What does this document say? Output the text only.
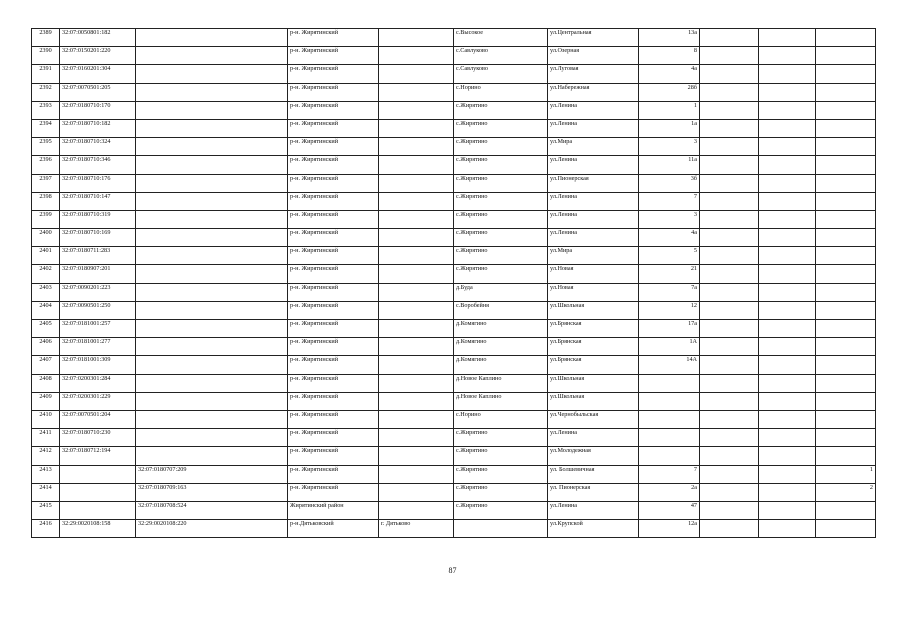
2389	32:07:0050801:182		р-н. Жирятинский		с.Высокое	ул.Центральная	13а			
2390	32:07:0150201:220		р-н. Жирятинский		с.Савлуково	ул.Озерная	8			
2391	32:07:0160201:304		р-н. Жирятинский		с.Савлуково	ул.Луговая	4а			
2392	32:07:0070501:205		р-н. Жирятинский		с.Норино	ул.Набережная	28б			
2393	32:07:0180710:170		р-н. Жирятинский		с.Жирятино	ул.Ленина	1			
2394	32:07:0180710:182		р-н. Жирятинский		с.Жирятино	ул.Ленина	1а			
2395	32:07:0180710:324		р-н. Жирятинский		с.Жирятино	ул.Мира	3			
2396	32:07:0180710:346		р-н. Жирятинский		с.Жирятино	ул.Ленина	11а			
2397	32:07:0180710:176		р-н. Жирятинский		с.Жирятино	ул.Пионерская	3б			
2398	32:07:0180710:147		р-н. Жирятинский		с.Жирятино	ул.Ленина	7			
2399	32:07:0180710:319		р-н. Жирятинский		с.Жирятино	ул.Ленина	3			
2400	32:07:0180710:169		р-н. Жирятинский		с.Жирятино	ул.Ленина	4а			
2401	32:07:0180711:283		р-н. Жирятинский		с.Жирятино	ул.Мира	5			
2402	32:07:0180907:201		р-н. Жирятинский		с.Жирятино	ул.Новая	21			
2403	32:07:0090201:223		р-н. Жирятинский		д.Буда	ул.Новая	7а			
2404	32:07:0090501:250		р-н. Жирятинский		с.Воробейня	ул.Школьная	12			
2405	32:07:0181001:257		р-н. Жирятинский		д.Комягино	ул.Брянская	17а			
2406	32:07:0181001:277		р-н. Жирятинский		д.Комягино	ул.Брянская	1А			
2407	32:07:0181001:309		р-н. Жирятинский		д.Комягино	ул.Брянская	14А			
2408	32:07:0200301:284		р-н. Жирятинский		д.Новое Каплино	ул.Школьная				
2409	32:07:0200301:229		р-н. Жирятинский		д.Новое Каплино	ул.Школьная				
2410	32:07:0070501:204		р-н. Жирятинский		с.Норино	ул.Чернобыльская				
2411	32:07:0180710:230		р-н. Жирятинский		с.Жирятино	ул.Ленина				
2412	32:07:0180712:194		р-н. Жирятинский		с.Жирятино	ул.Молодежная				
2413		32:07:0180707:209	р-н. Жирятинский		с.Жирятино	ул. Болшевичная	7			1
2414		32:07:0180709:163	р-н. Жирятинский		с.Жирятино	ул. Пионерская	2а			2
2415		32:07:0180708:524	Жирятинский район		с.Жирятино	ул.Ленина	47			
2416	32:29:0020108:158	32:29:0020108:220	р-н.Дятьковский	г. Дятьково		ул.Крупской	12а			
87
